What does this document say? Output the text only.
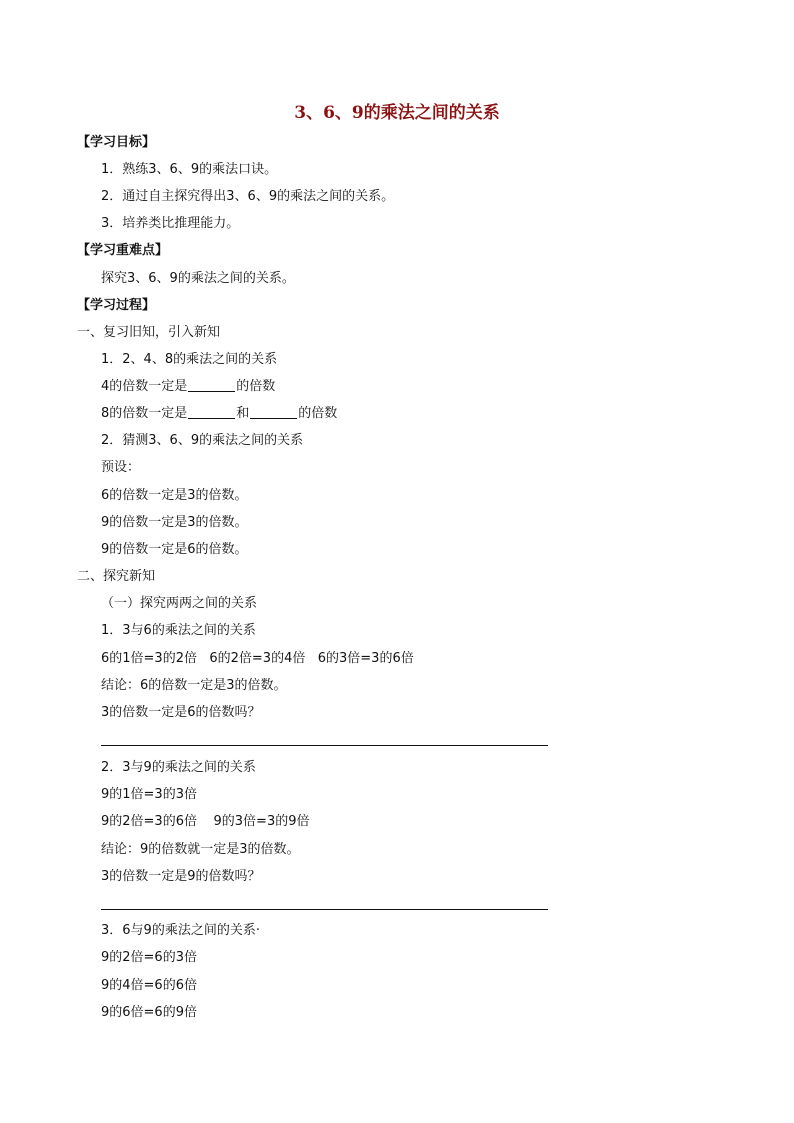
3、6、9的乘法之间的关系
【学习目标】
1．熟练3、6、9的乘法口诀。
2．通过自主探究得出3、6、9的乘法之间的关系。
3．培养类比推理能力。
【学习重难点】
探究3、6、9的乘法之间的关系。
【学习过程】
一、复习旧知，引入新知
1．2、4、8的乘法之间的关系
4的倍数一定是	的倍数
8的倍数一定是	和	的倍数
2．猜测3、6、9的乘法之间的关系
预设：
6的倍数一定是3的倍数。
9的倍数一定是3的倍数。
9的倍数一定是6的倍数。
二、探究新知
（一）探究两两之间的关系
1．3与6的乘法之间的关系
6的1倍=3的2倍   6的2倍=3的4倍   6的3倍=3的6倍
结论：6的倍数一定是3的倍数。
3的倍数一定是6的倍数吗？
2．3与9的乘法之间的关系
9的1倍=3的3倍
9的2倍=3的6倍    9的3倍=3的9倍
结论：9的倍数就一定是3的倍数。
3的倍数一定是9的倍数吗？
3．6与9的乘法之间的关系·
9的2倍=6的3倍
9的4倍=6的6倍
9的6倍=6的9倍
